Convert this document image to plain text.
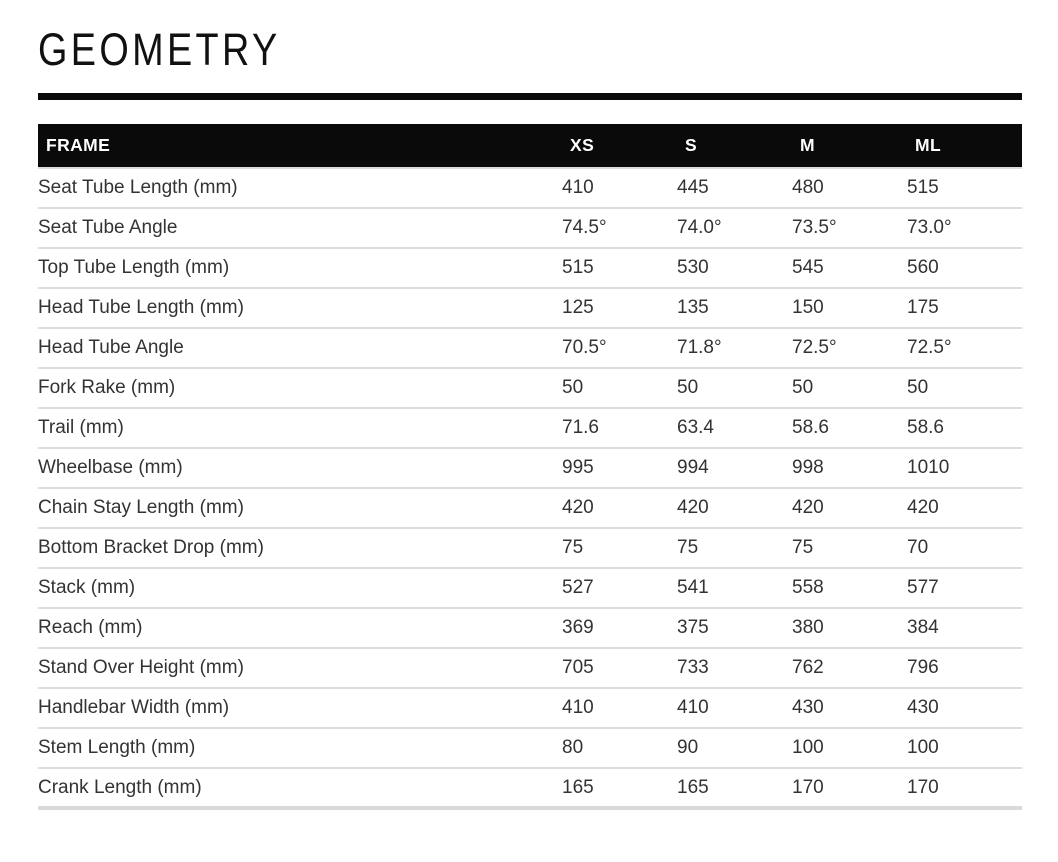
GEOMETRY
FRAME	XS	S	M	ML
Seat Tube Length (mm)	410	445	480	515
Seat Tube Angle	74.5°	74.0°	73.5°	73.0°
Top Tube Length (mm)	515	530	545	560
Head Tube Length (mm)	125	135	150	175
Head Tube Angle	70.5°	71.8°	72.5°	72.5°
Fork Rake (mm)	50	50	50	50
Trail (mm)	71.6	63.4	58.6	58.6
Wheelbase (mm)	995	994	998	1010
Chain Stay Length (mm)	420	420	420	420
Bottom Bracket Drop (mm)	75	75	75	70
Stack (mm)	527	541	558	577
Reach (mm)	369	375	380	384
Stand Over Height (mm)	705	733	762	796
Handlebar Width (mm)	410	410	430	430
Stem Length (mm)	80	90	100	100
Crank Length (mm)	165	165	170	170
